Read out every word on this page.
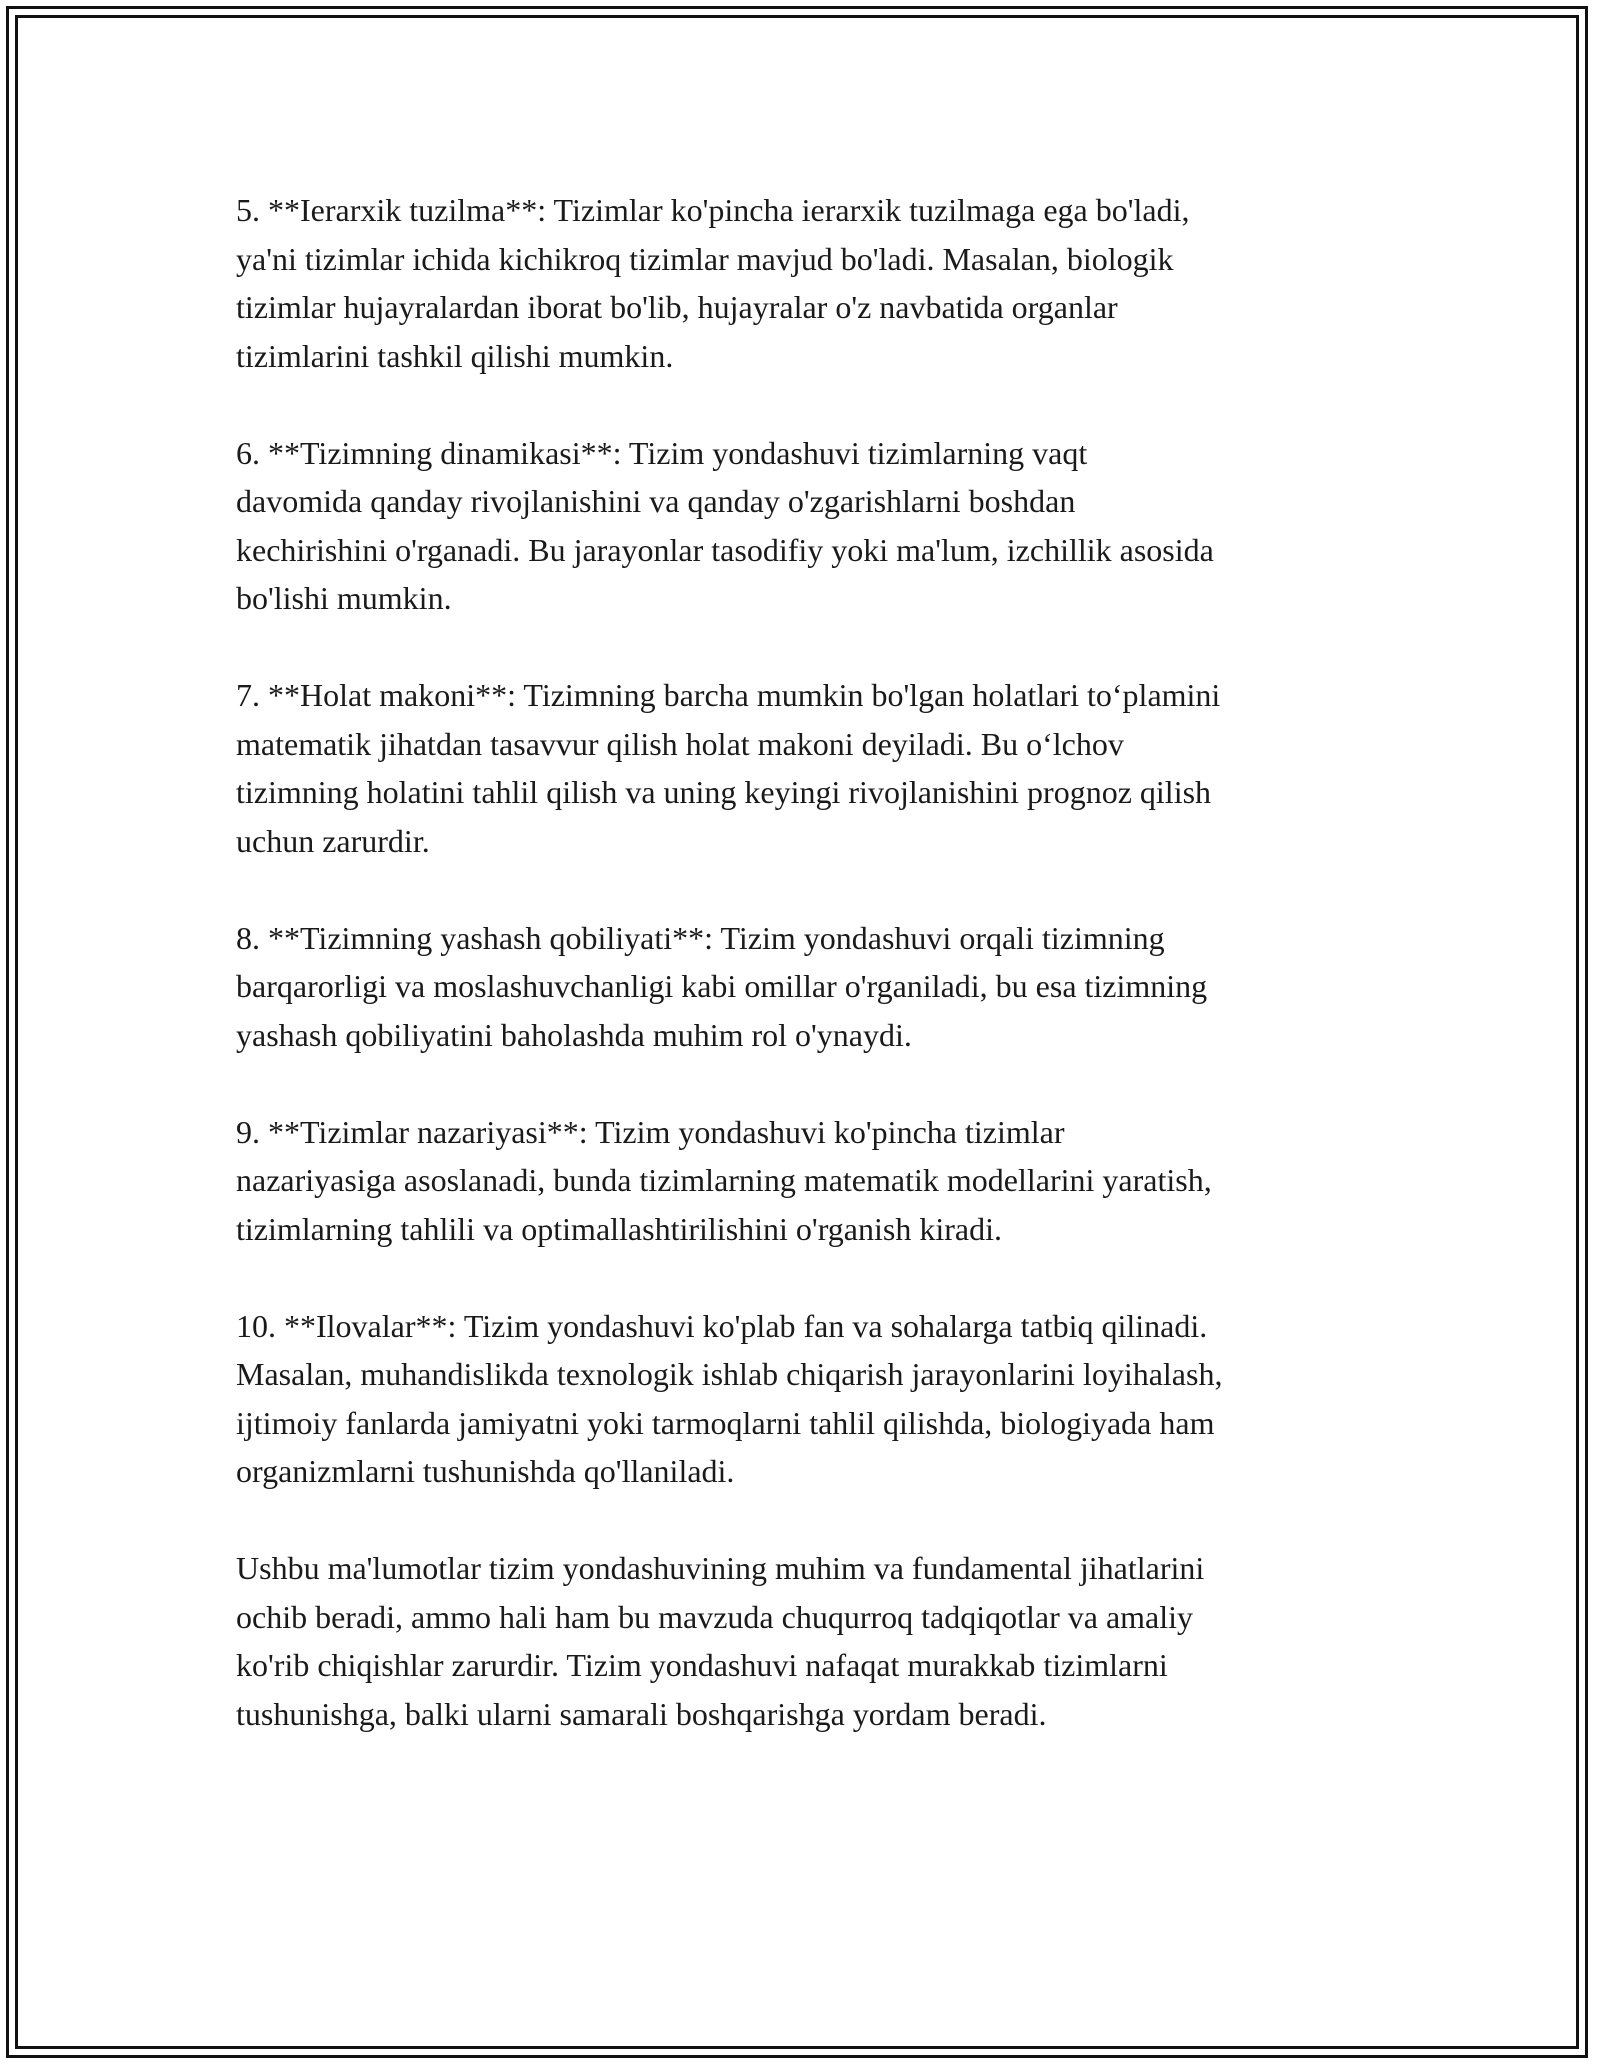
5. **Ierarxik tuzilma**: Tizimlar ko'pincha ierarxik tuzilmaga ega bo'ladi,
ya'ni tizimlar ichida kichikroq tizimlar mavjud bo'ladi. Masalan, biologik
tizimlar hujayralardan iborat bo'lib, hujayralar o'z navbatida organlar
tizimlarini tashkil qilishi mumkin.

6. **Tizimning dinamikasi**: Tizim yondashuvi tizimlarning vaqt
davomida qanday rivojlanishini va qanday o'zgarishlarni boshdan
kechirishini o'rganadi. Bu jarayonlar tasodifiy yoki ma'lum, izchillik asosida
bo'lishi mumkin.

7. **Holat makoni**: Tizimning barcha mumkin bo'lgan holatlari to‘plamini
matematik jihatdan tasavvur qilish holat makoni deyiladi. Bu o‘lchov
tizimning holatini tahlil qilish va uning keyingi rivojlanishini prognoz qilish
uchun zarurdir.

8. **Tizimning yashash qobiliyati**: Tizim yondashuvi orqali tizimning
barqarorligi va moslashuvchanligi kabi omillar o'rganiladi, bu esa tizimning
yashash qobiliyatini baholashda muhim rol o'ynaydi.

9. **Tizimlar nazariyasi**: Tizim yondashuvi ko'pincha tizimlar
nazariyasiga asoslanadi, bunda tizimlarning matematik modellarini yaratish,
tizimlarning tahlili va optimallashtirilishini o'rganish kiradi.

10. **Ilovalar**: Tizim yondashuvi ko'plab fan va sohalarga tatbiq qilinadi.
Masalan, muhandislikda texnologik ishlab chiqarish jarayonlarini loyihalash,
ijtimoiy fanlarda jamiyatni yoki tarmoqlarni tahlil qilishda, biologiyada ham
organizmlarni tushunishda qo'llaniladi.

Ushbu ma'lumotlar tizim yondashuvining muhim va fundamental jihatlarini
ochib beradi, ammo hali ham bu mavzuda chuqurroq tadqiqotlar va amaliy
ko'rib chiqishlar zarurdir. Tizim yondashuvi nafaqat murakkab tizimlarni
tushunishga, balki ularni samarali boshqarishga yordam beradi.
